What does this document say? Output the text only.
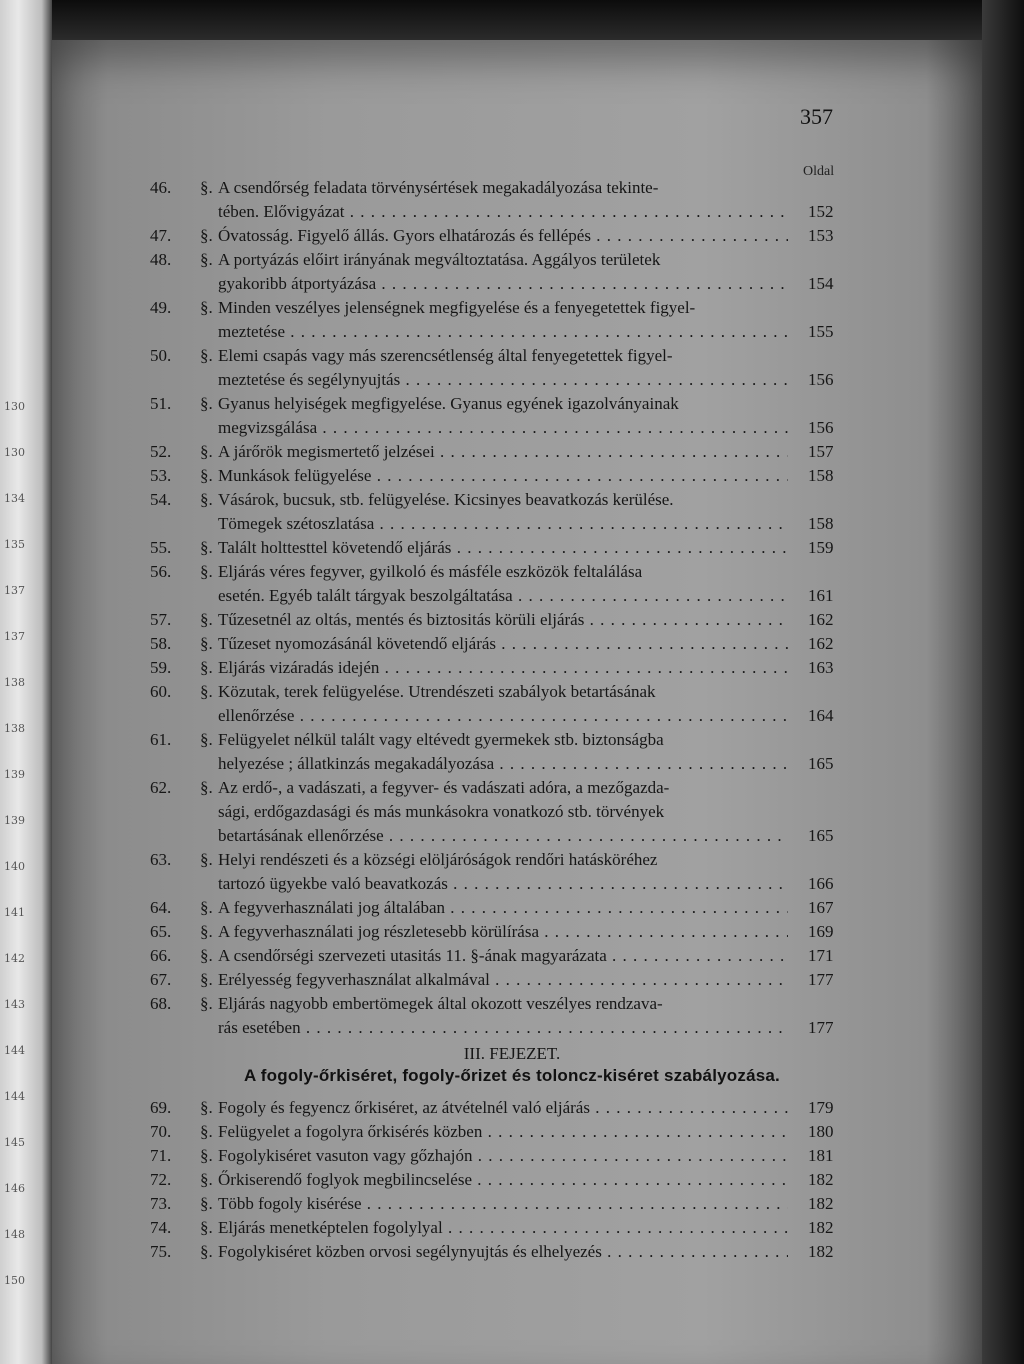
130
130
134
135
137
137
138
138
139
139
140
141
142
143
144
144
145
146
148
150
357
Oldal
46.	§. A csendőrség feladata törvénysértések megakadályozása tekinte-
tében. Elővigyázat . . .	152
47.	§. Óvatosság. Figyelő állás. Gyors elhatározás és fellépés . . .	153
48.	§. A portyázás előirt irányának megváltoztatása. Aggályos területek
gyakoribb átportyázása . . .	154
49.	§. Minden veszélyes jelenségnek megfigyelése és a fenyegetettek figyel-
meztetése . . .	155
50.	§. Elemi csapás vagy más szerencsétlenség által fenyegetettek figyel-
meztetése és segélynyujtás . . .	156
51.	§. Gyanus helyiségek megfigyelése. Gyanus egyének igazolványainak
megvizsgálása . . .	156
52.	§. A járőrök megismertető jelzései . . .	157
53.	§. Munkások felügyelése . . .	158
54.	§. Vásárok, bucsuk, stb. felügyelése. Kicsinyes beavatkozás kerülése.
Tömegek szétoszlatása . . .	158
55.	§. Talált holttesttel követendő eljárás . . .	159
56.	§. Eljárás véres fegyver, gyilkoló és másféle eszközök feltalálása
esetén. Egyéb talált tárgyak beszolgáltatása . . .	161
57.	§. Tűzesetnél az oltás, mentés és biztositás körüli eljárás . . .	162
58.	§. Tűzeset nyomozásánál követendő eljárás . . .	162
59.	§. Eljárás vizáradás idején . . .	163
60.	§. Közutak, terek felügyelése. Utrendészeti szabályok betartásának
ellenőrzése . . .	164
61.	§. Felügyelet nélkül talált vagy eltévedt gyermekek stb. biztonságba
helyezése ; állatkinzás megakadályozása . . .	165
62.	§. Az erdő-, a vadászati, a fegyver- és vadászati adóra, a mezőgazda-
sági, erdőgazdasági és más munkásokra vonatkozó stb. törvények
betartásának ellenőrzése . . .	165
63.	§. Helyi rendészeti és a községi elöljáróságok rendőri hatásköréhez
tartozó ügyekbe való beavatkozás . . .	166
64.	§. A fegyverhasználati jog általában . . .	167
65.	§. A fegyverhasználati jog részletesebb körülírása . . .	169
66.	§. A csendőrségi szervezeti utasitás 11. §-ának magyarázata . . .	171
67.	§. Erélyesség fegyverhasználat alkalmával . . .	177
68.	§. Eljárás nagyobb embertömegek által okozott veszélyes rendzava-
rás esetében . . .	177
III. FEJEZET.
A fogoly-őrkiséret, fogoly-őrizet és toloncz-kiséret szabályozása.
69.	§. Fogoly és fegyencz őrkiséret, az átvételnél való eljárás . . .	179
70.	§. Felügyelet a fogolyra őrkisérés közben . . .	180
71.	§. Fogolykiséret vasuton vagy gőzhajón . . .	181
72.	§. Őrkiserendő foglyok megbilincselése . . .	182
73.	§. Több fogoly kisérése . . .	182
74.	§. Eljárás menetképtelen fogolylyal . . .	182
75.	§. Fogolykiséret közben orvosi segélynyujtás és elhelyezés . . .	182
